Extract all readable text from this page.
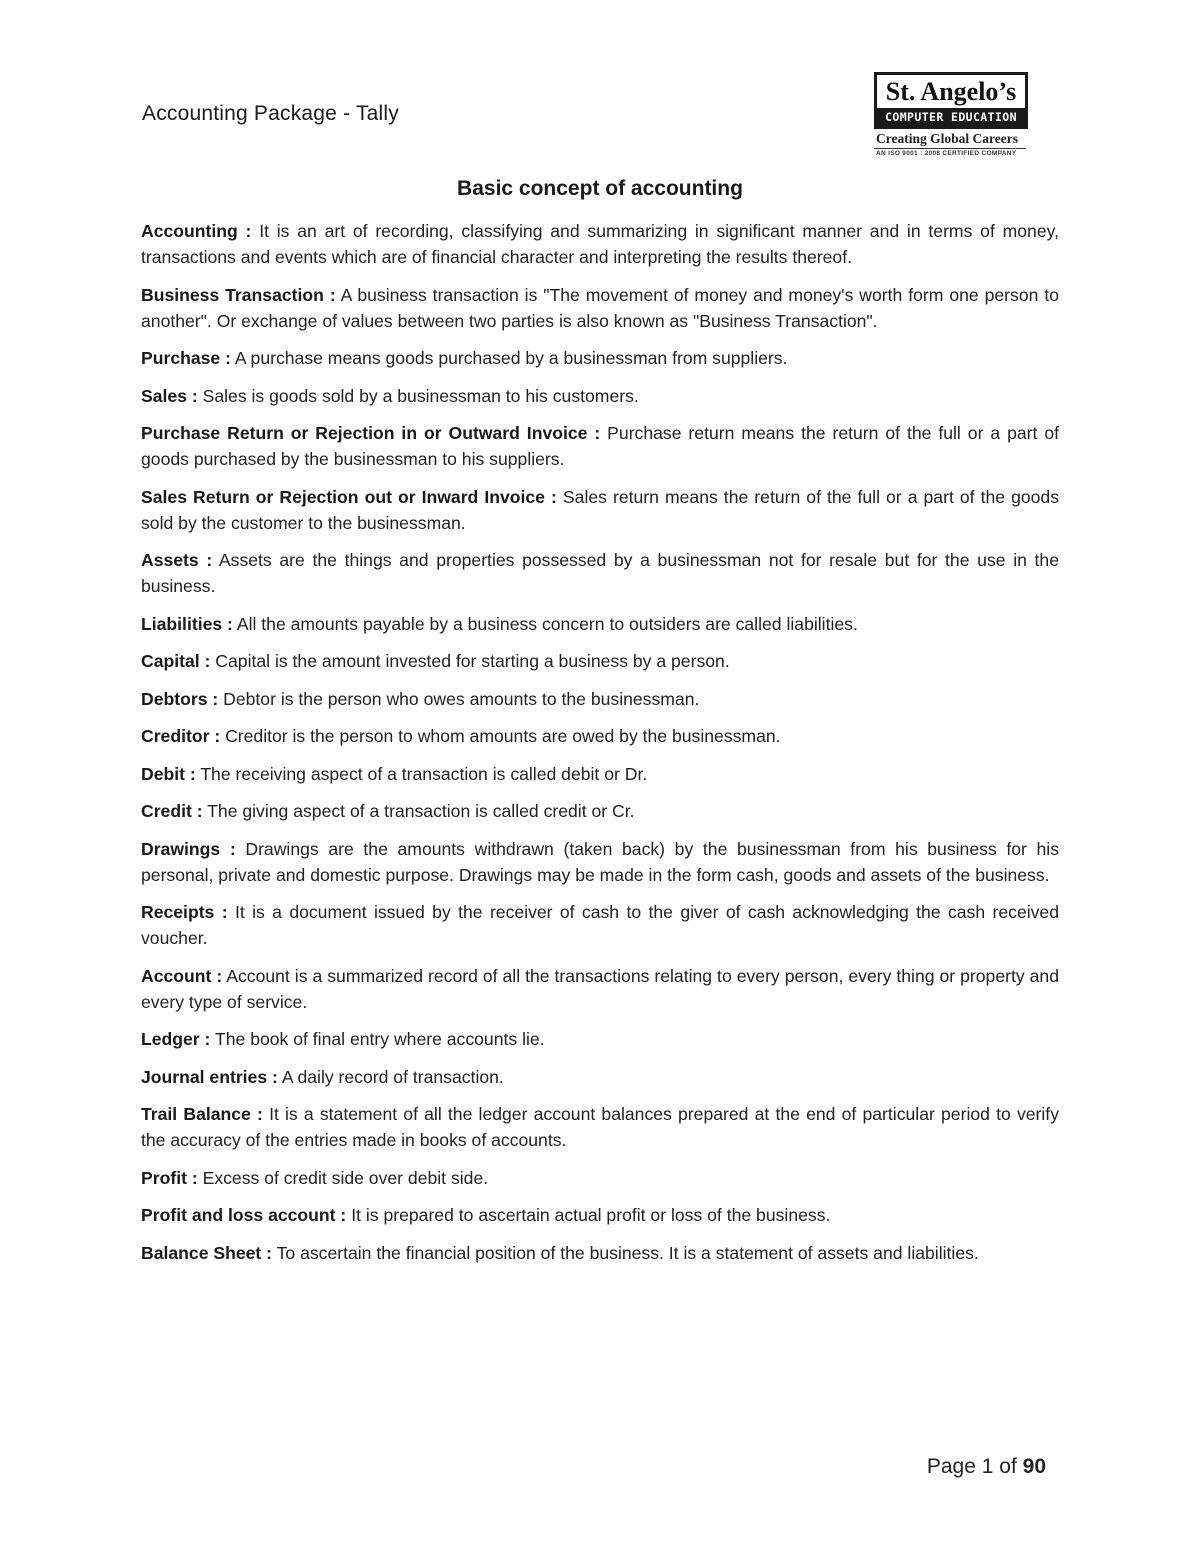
Accounting Package - Tally
St. Angelo’s
COMPUTER EDUCATION
Creating Global Careers
AN ISO 9001 : 2008 CERTIFIED COMPANY
Basic concept of accounting

Accounting : It is an art of recording, classifying and summarizing in significant manner and in terms of money, transactions and events which are of financial character and interpreting the results thereof.

Business Transaction : A business transaction is "The movement of money and money's worth form one person to another". Or exchange of values between two parties is also known as "Business Transaction".

Purchase : A purchase means goods purchased by a businessman from suppliers.

Sales : Sales is goods sold by a businessman to his customers.

Purchase Return or Rejection in or Outward Invoice : Purchase return means the return of the full or a part of goods purchased by the businessman to his suppliers.

Sales Return or Rejection out or Inward Invoice : Sales return means the return of the full or a part of the goods sold by the customer to the businessman.

Assets : Assets are the things and properties possessed by a businessman not for resale but for the use in the business.

Liabilities : All the amounts payable by a business concern to outsiders are called liabilities.

Capital : Capital is the amount invested for starting a business by a person.

Debtors : Debtor is the person who owes amounts to the businessman.

Creditor : Creditor is the person to whom amounts are owed by the businessman.

Debit : The receiving aspect of a transaction is called debit or Dr.

Credit : The giving aspect of a transaction is called credit or Cr.

Drawings : Drawings are the amounts withdrawn (taken back) by the businessman from his business for his personal, private and domestic purpose. Drawings may be made in the form cash, goods and assets of the business.

Receipts : It is a document issued by the receiver of cash to the giver of cash acknowledging the cash received voucher.

Account : Account is a summarized record of all the transactions relating to every person, every thing or property and every type of service.

Ledger : The book of final entry where accounts lie.

Journal entries : A daily record of transaction.

Trail Balance : It is a statement of all the ledger account balances prepared at the end of particular period to verify the accuracy of the entries made in books of accounts.

Profit : Excess of credit side over debit side.

Profit and loss account : It is prepared to ascertain actual profit or loss of the business.

Balance Sheet : To ascertain the financial position of the business. It is a statement of assets and liabilities.

Page 1 of 90
